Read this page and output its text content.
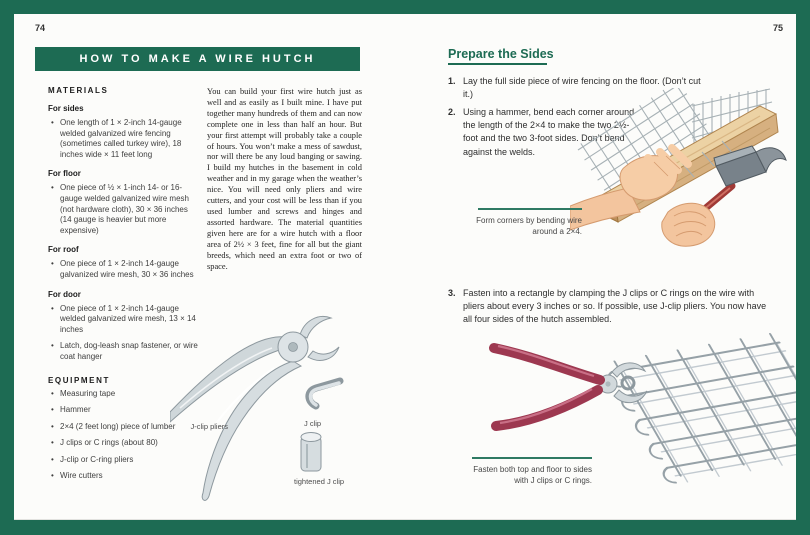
74
HOW TO MAKE A WIRE HUTCH
MATERIALS
For sides
• One length of 1 × 2-inch 14-gauge welded galvanized wire fencing (sometimes called turkey wire), 18 inches wide × 11 feet long
For floor
• One piece of ½ × 1-inch 14- or 16-gauge welded galvanized wire mesh (not hardware cloth), 30 × 36 inches (14 gauge is heavier but more expensive)
For roof
• One piece of 1 × 2-inch 14-gauge galvanized wire mesh, 30 × 36 inches
For door
• One piece of 1 × 2-inch 14-gauge welded galvanized wire mesh, 13 × 14 inches
• Latch, dog-leash snap fastener, or wire coat hanger
EQUIPMENT
• Measuring tape
• Hammer
• 2×4 (2 feet long) piece of lumber
• J clips or C rings (about 80)
• J-clip or C-ring pliers
• Wire cutters
You can build your first wire hutch just as well and as easily as I built mine. I have put together many hundreds of them and can now complete one in less than half an hour. But your first attempt will probably take a couple of hours. You won’t make a mess of sawdust, nor will there be any loud banging or sawing. I build my hutches in the basement in cold weather and in my garage when the weather’s nice. You will need only pliers and wire cutters, and your cost will be less than if you used lumber and screws and hinges and assorted hardware. The material quantities given here are for a wire hutch with a floor area of 2½ × 3 feet, fine for all but the giant breeds, which need an extra foot or two of space.
J-clip pliers	J clip
tightened J clip
75
Prepare the Sides
1. Lay the full side piece of wire fencing on the floor. (Don’t cut it.)
2. Using a hammer, bend each corner around the length of the 2×4 to make the two 2½-foot and the two 3-foot sides. Don’t bend against the welds.
Form corners by bending wire around a 2×4.
3. Fasten into a rectangle by clamping the J clips or C rings on the wire with pliers about every 3 inches or so. If possible, use J-clip pliers. You now have all four sides of the hutch assembled.
Fasten both top and floor to sides with J clips or C rings.
